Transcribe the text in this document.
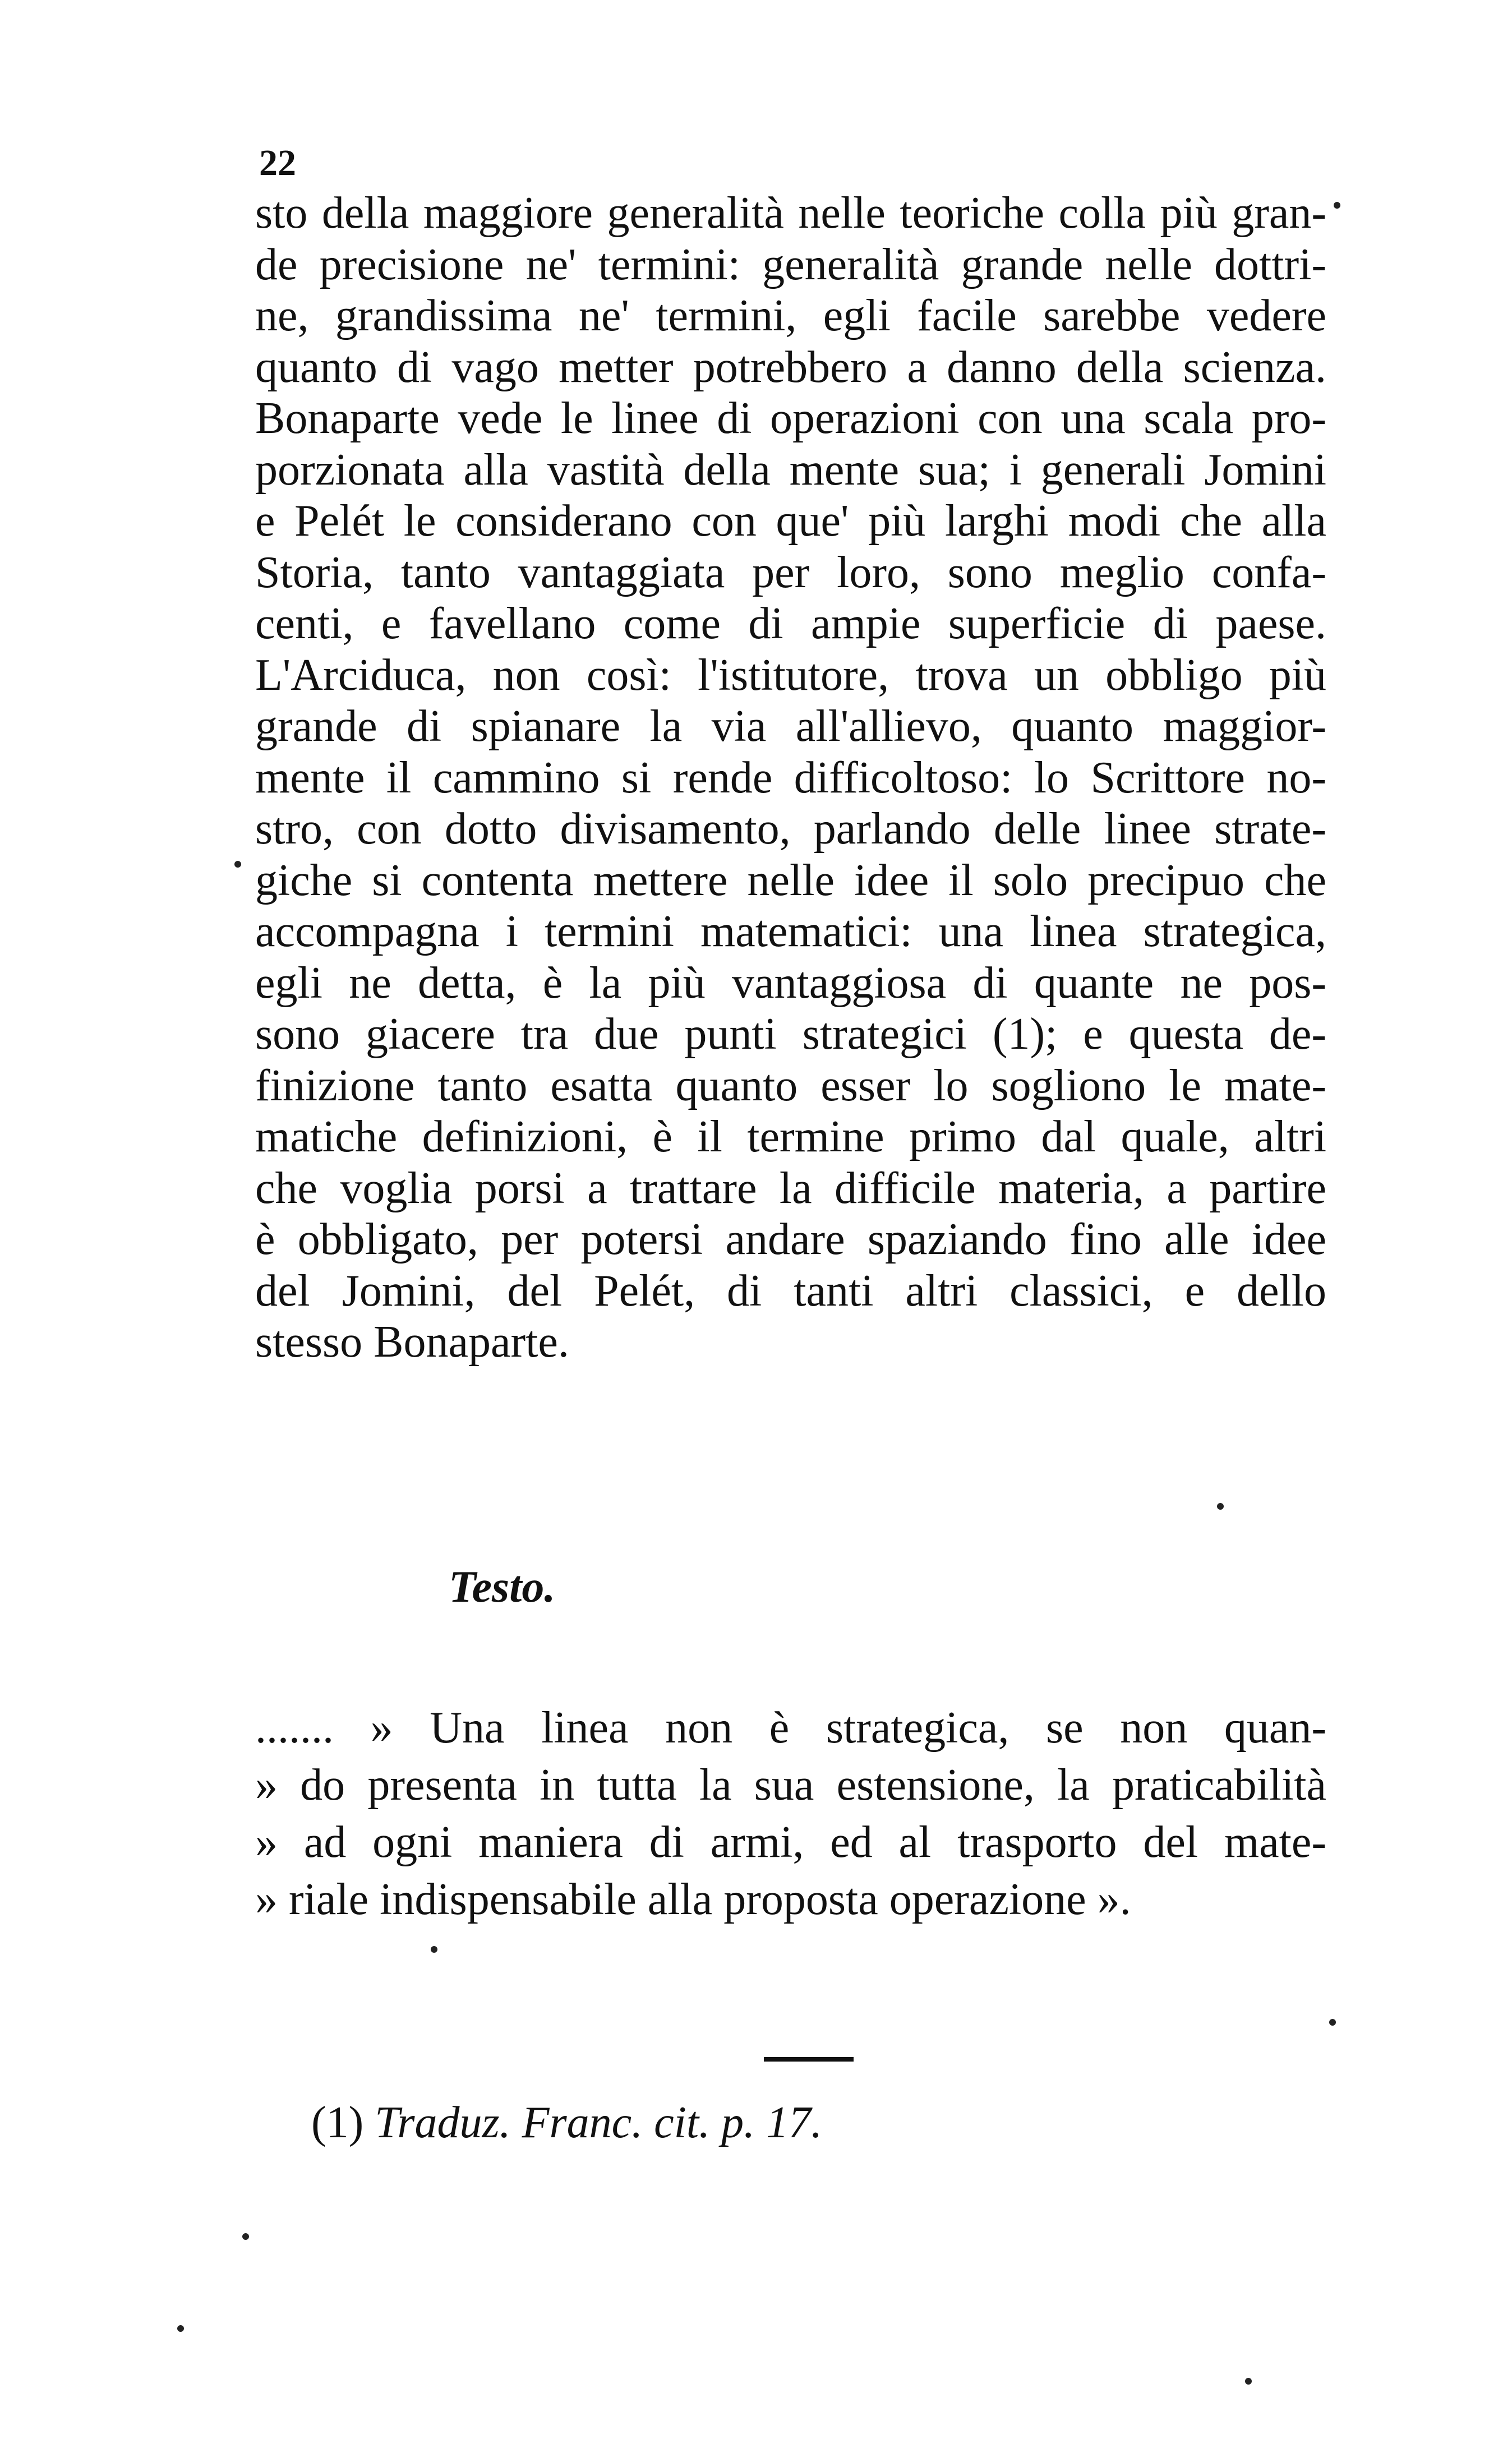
22
sto della maggiore generalità nelle teoriche colla più gran-
de precisione ne' termini: generalità grande nelle dottri-
ne, grandissima ne' termini, egli facile sarebbe vedere
quanto di vago metter potrebbero a danno della scienza.
Bonaparte vede le linee di operazioni con una scala pro-
porzionata alla vastità della mente sua; i generali Jomini
e Pelét le considerano con que' più larghi modi che alla
Storia, tanto vantaggiata per loro, sono meglio confa-
centi, e favellano come di ampie superficie di paese.
L'Arciduca, non così: l'istitutore, trova un obbligo più
grande di spianare la via all'allievo, quanto maggior-
mente il cammino si rende difficoltoso: lo Scrittore no-
stro, con dotto divisamento, parlando delle linee strate-
giche si contenta mettere nelle idee il solo precipuo che
accompagna i termini matematici: una linea strategica,
egli ne detta, è la più vantaggiosa di quante ne pos-
sono giacere tra due punti strategici (1); e questa de-
finizione tanto esatta quanto esser lo sogliono le mate-
matiche definizioni, è il termine primo dal quale, altri
che voglia porsi a trattare la difficile materia, a partire
è obbligato, per potersi andare spaziando fino alle idee
del Jomini, del Pelét, di tanti altri classici, e dello
stesso Bonaparte.
Testo.
....... » Una linea non è strategica, se non quan-
» do presenta in tutta la sua estensione, la praticabilità
» ad ogni maniera di armi, ed al trasporto del mate-
» riale indispensabile alla proposta operazione ».
(1) Traduz. Franc. cit. p. 17.
